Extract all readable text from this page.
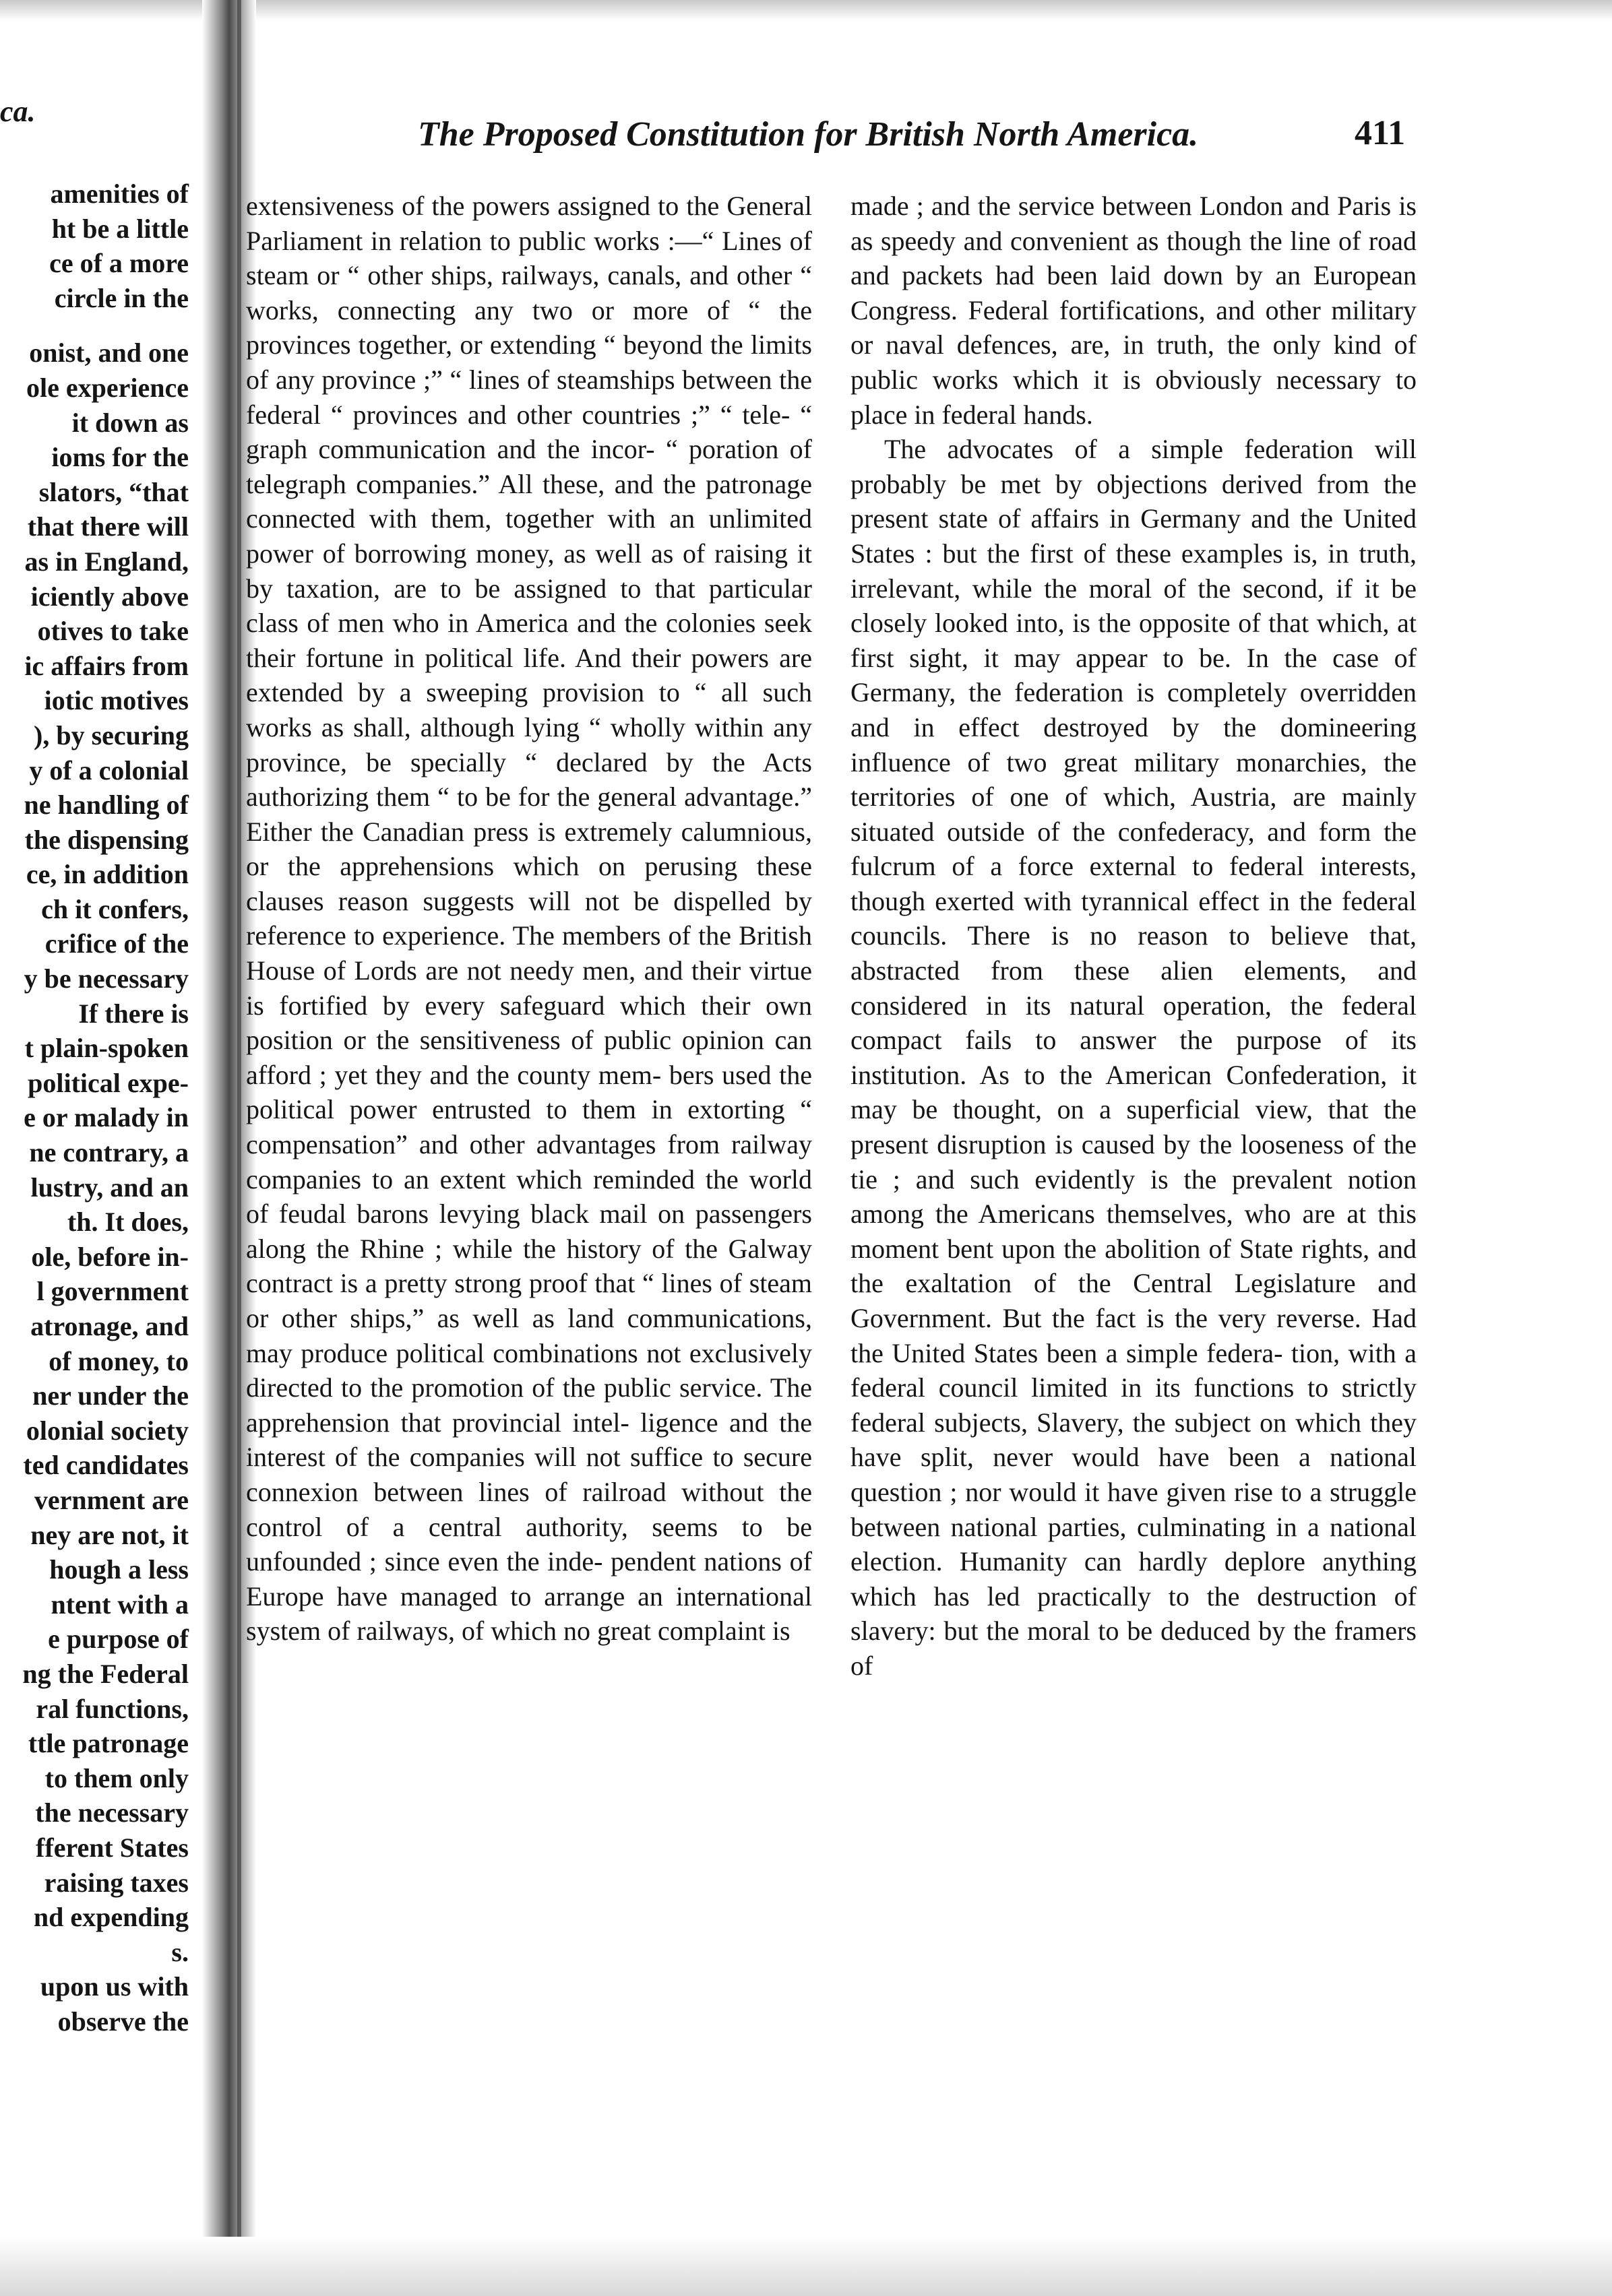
ca.
amenities of
ht be a little
ce of a more
circle in the
onist, and one
ole experience
it down as
ioms for the
slators, “that
that there will
as in England,
iciently above
otives to take
ic affairs from
iotic motives
), by securing
y of a colonial
ne handling of
the dispensing
ce, in addition
ch it confers,
crifice of the
y be necessary
If there is
t plain-spoken
political expe-
e or malady in
ne contrary, a
lustry, and an
th. It does,
ole, before in-
l government
atronage, and
of money, to
ner under the
olonial society
ted candidates
vernment are
ney are not, it
hough a less
ntent with a
e purpose of
ng the Federal
ral functions,
ttle patronage
to them only
the necessary
fferent States
raising taxes
nd expending
s.
upon us with
observe the
The Proposed Constitution for British North America.	411

extensiveness of the powers assigned to the General Parliament in relation to public works :—“ Lines of steam or “ other ships, railways, canals, and other “ works, connecting any two or more of “ the provinces together, or extending “ beyond the limits of any province ;” “ lines of steamships between the federal “ provinces and other countries ;” “ tele- “ graph communication and the incor- “ poration of telegraph companies.” All these, and the patronage connected with them, together with an unlimited power of borrowing money, as well as of raising it by taxation, are to be assigned to that particular class of men who in America and the colonies seek their fortune in political life. And their powers are extended by a sweeping provision to “ all such works as shall, although lying “ wholly within any province, be specially “ declared by the Acts authorizing them “ to be for the general advantage.” Either the Canadian press is extremely calumnious, or the apprehensions which on perusing these clauses reason suggests will not be dispelled by reference to experience. The members of the British House of Lords are not needy men, and their virtue is fortified by every safeguard which their own position or the sensitiveness of public opinion can afford ; yet they and the county mem- bers used the political power entrusted to them in extorting “ compensation” and other advantages from railway companies to an extent which reminded the world of feudal barons levying black mail on passengers along the Rhine ; while the history of the Galway contract is a pretty strong proof that “ lines of steam or other ships,” as well as land communications, may produce political combinations not exclusively directed to the promotion of the public service. The apprehension that provincial intel- ligence and the interest of the companies will not suffice to secure connexion between lines of railroad without the control of a central authority, seems to be unfounded ; since even the inde- pendent nations of Europe have managed to arrange an international system of railways, of which no great complaint is

made ; and the service between London and Paris is as speedy and convenient as though the line of road and packets had been laid down by an European Congress. Federal fortifications, and other military or naval defences, are, in truth, the only kind of public works which it is obviously necessary to place in federal hands.

The advocates of a simple federation will probably be met by objections derived from the present state of affairs in Germany and the United States : but the first of these examples is, in truth, irrelevant, while the moral of the second, if it be closely looked into, is the opposite of that which, at first sight, it may appear to be. In the case of Germany, the federation is completely overridden and in effect destroyed by the domineering influence of two great military monarchies, the territories of one of which, Austria, are mainly situated outside of the confederacy, and form the fulcrum of a force external to federal interests, though exerted with tyrannical effect in the federal councils. There is no reason to believe that, abstracted from these alien elements, and considered in its natural operation, the federal compact fails to answer the purpose of its institution. As to the American Confederation, it may be thought, on a superficial view, that the present disruption is caused by the looseness of the tie ; and such evidently is the prevalent notion among the Americans themselves, who are at this moment bent upon the abolition of State rights, and the exaltation of the Central Legislature and Government. But the fact is the very reverse. Had the United States been a simple federa- tion, with a federal council limited in its functions to strictly federal subjects, Slavery, the subject on which they have split, never would have been a national question ; nor would it have given rise to a struggle between national parties, culminating in a national election. Humanity can hardly deplore anything which has led practically to the destruction of slavery: but the moral to be deduced by the framers of
